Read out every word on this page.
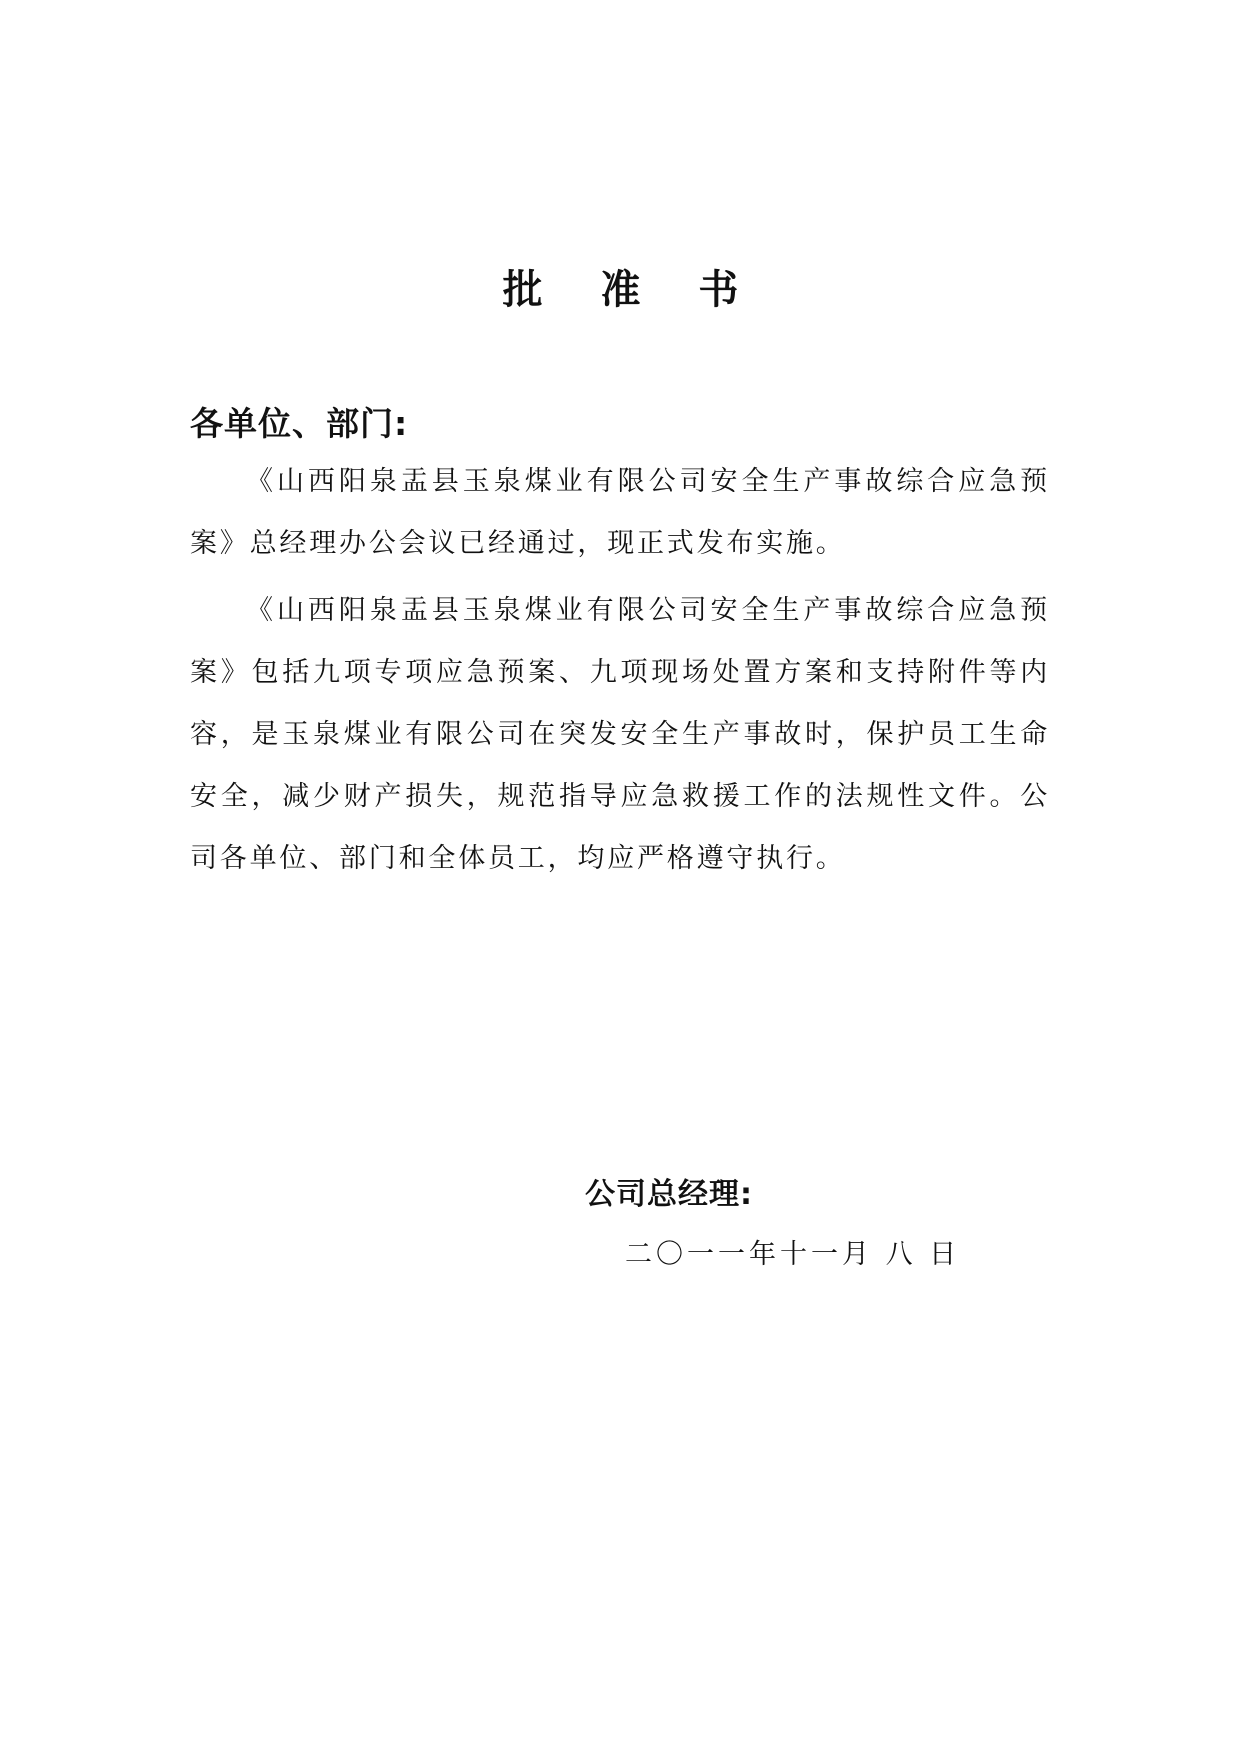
批 准 书
各单位、部门:

《山西阳泉盂县玉泉煤业有限公司安全生产事故综合应急预案》总经理办公会议已经通过，现正式发布实施。

《山西阳泉盂县玉泉煤业有限公司安全生产事故综合应急预案》包括九项专项应急预案、九项现场处置方案和支持附件等内容，是玉泉煤业有限公司在突发安全生产事故时，保护员工生命安全，减少财产损失，规范指导应急救援工作的法规性文件。公司各单位、部门和全体员工，均应严格遵守执行。

公司总经理:
二〇一一年十一月 八 日
